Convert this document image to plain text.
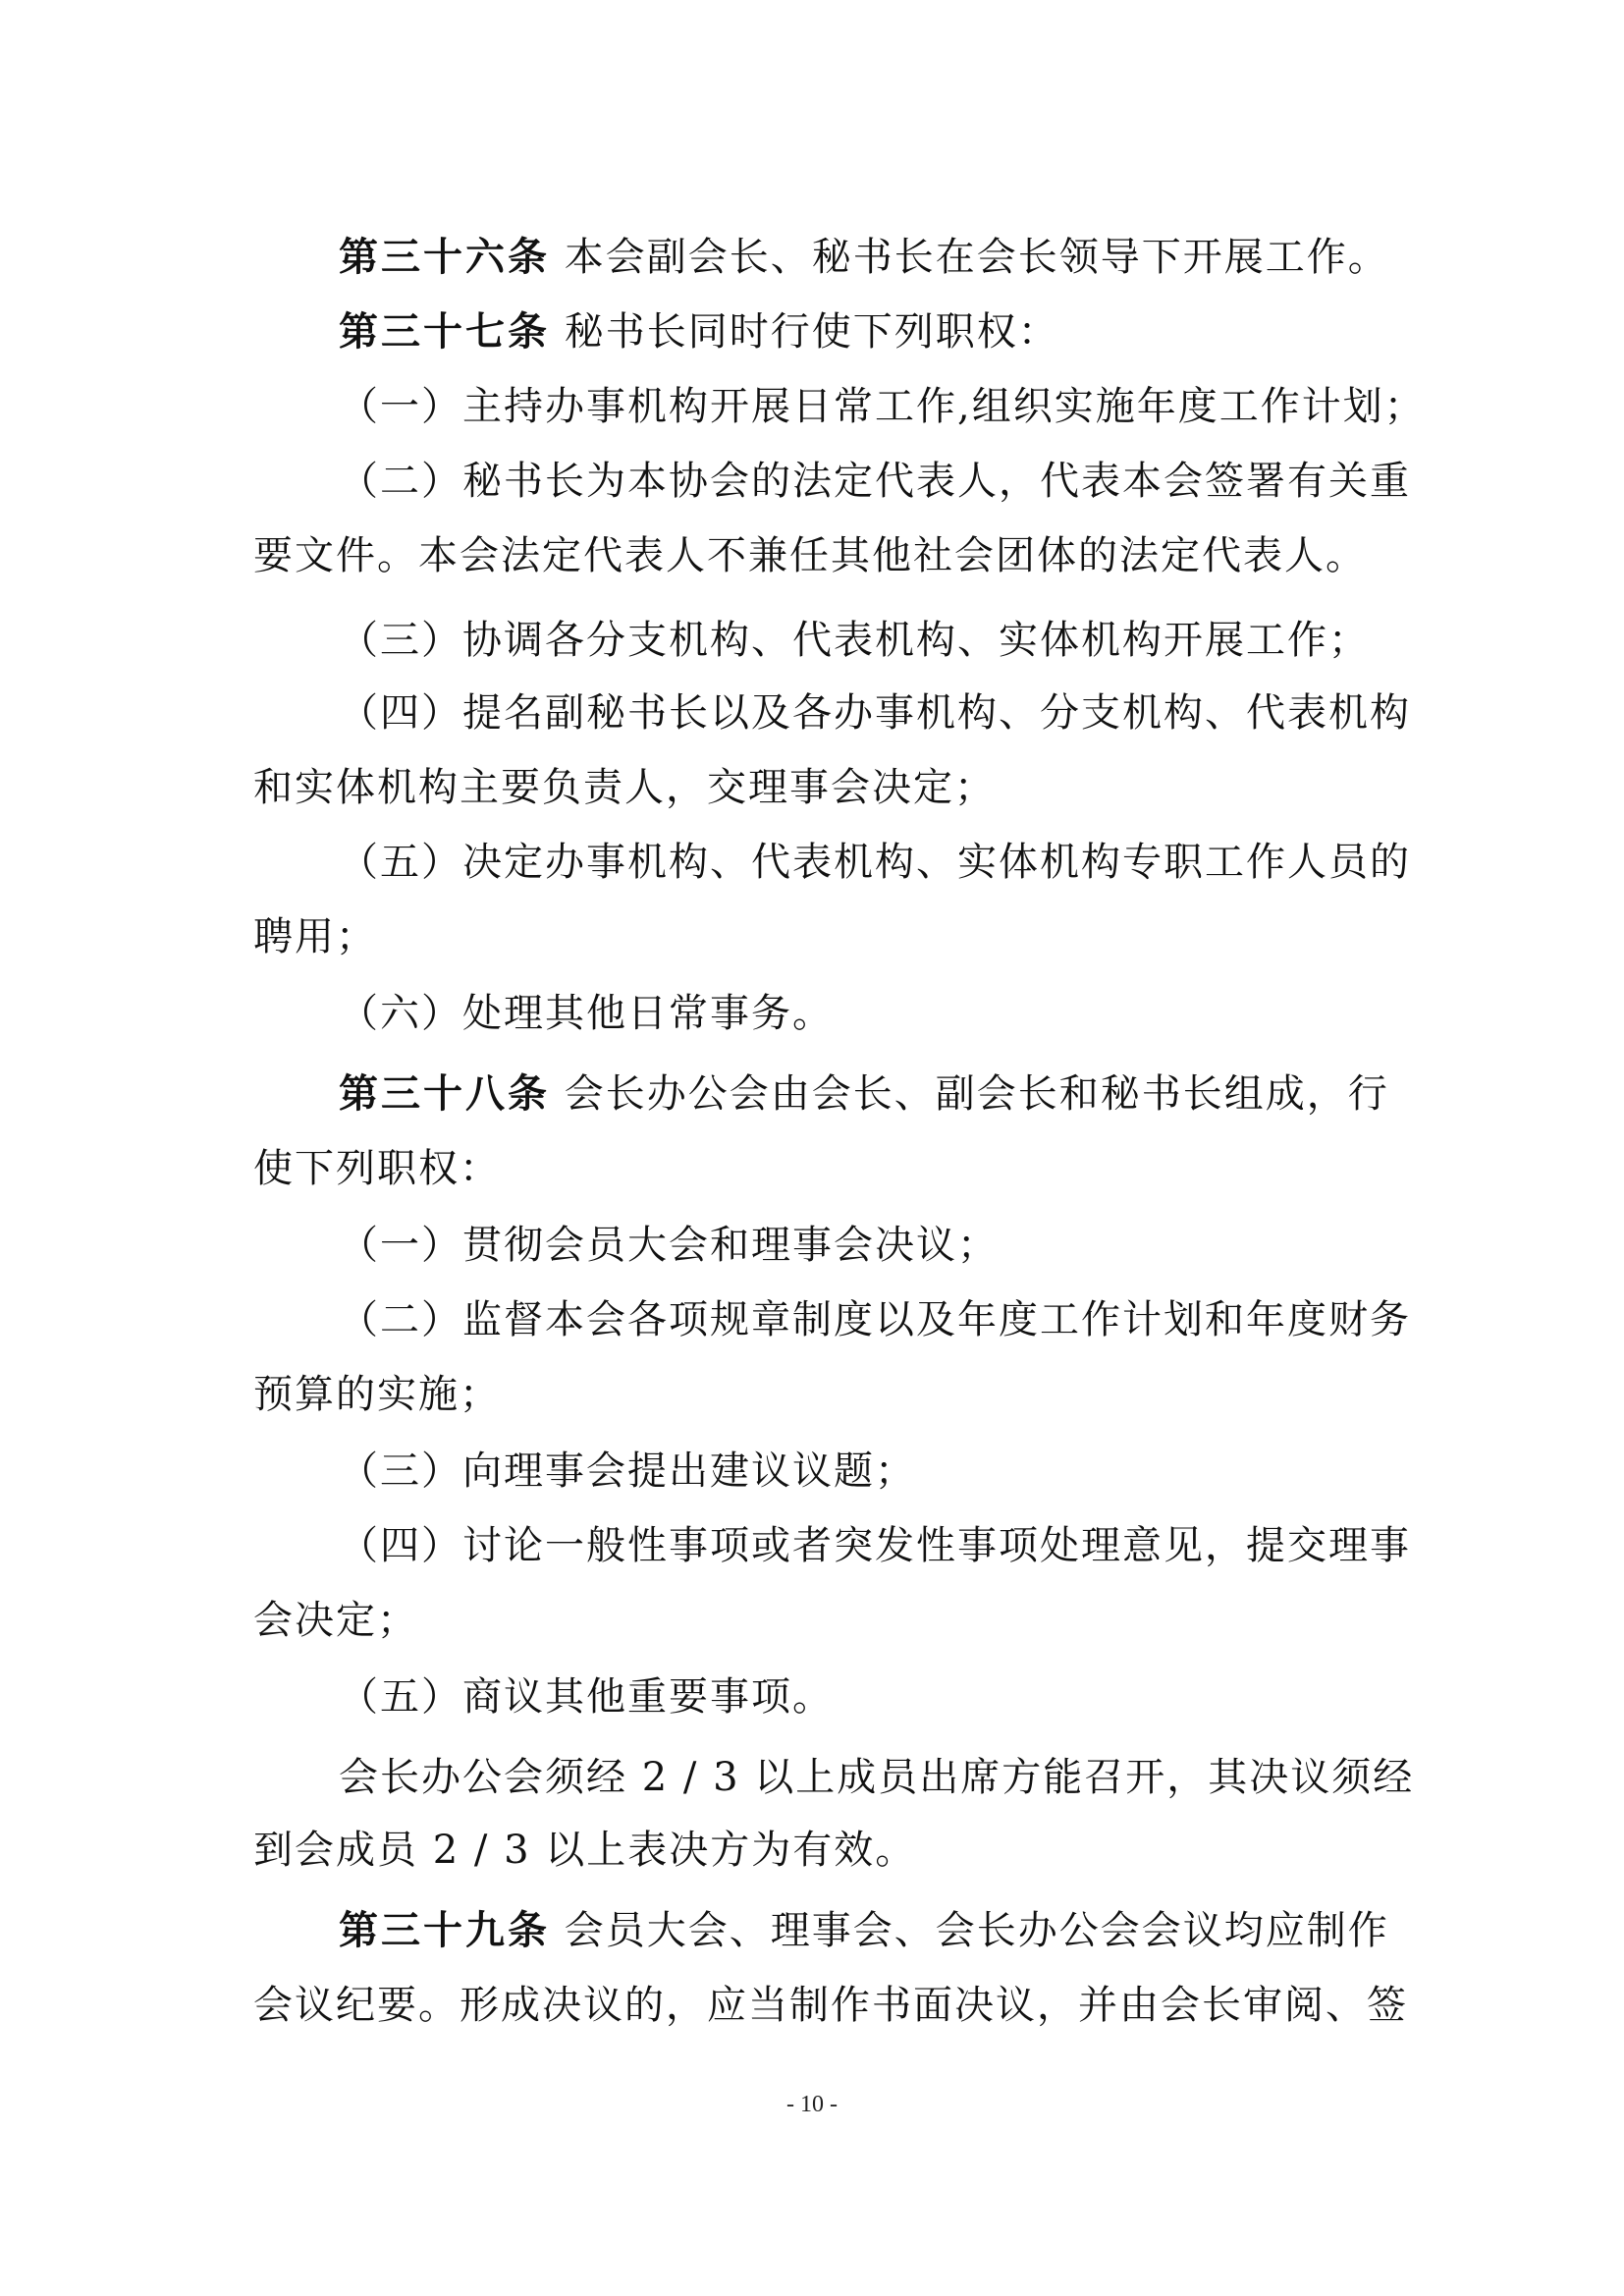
第三十六条 本会副会长、秘书长在会长领导下开展工作。
第三十七条 秘书长同时行使下列职权：
（一）主持办事机构开展日常工作,组织实施年度工作计划；
（二）秘书长为本协会的法定代表人，代表本会签署有关重
要文件。本会法定代表人不兼任其他社会团体的法定代表人。
（三）协调各分支机构、代表机构、实体机构开展工作；
（四）提名副秘书长以及各办事机构、分支机构、代表机构
和实体机构主要负责人，交理事会决定；
（五）决定办事机构、代表机构、实体机构专职工作人员的
聘用；
（六）处理其他日常事务。
第三十八条 会长办公会由会长、副会长和秘书长组成，行
使下列职权：
（一）贯彻会员大会和理事会决议；
（二）监督本会各项规章制度以及年度工作计划和年度财务
预算的实施；
（三）向理事会提出建议议题；
（四）讨论一般性事项或者突发性事项处理意见，提交理事
会决定；
（五）商议其他重要事项。
会长办公会须经 2 / 3 以上成员出席方能召开，其决议须经
到会成员 2 / 3 以上表决方为有效。
第三十九条 会员大会、理事会、会长办公会会议均应制作
会议纪要。形成决议的，应当制作书面决议，并由会长审阅、签
- 10 -
